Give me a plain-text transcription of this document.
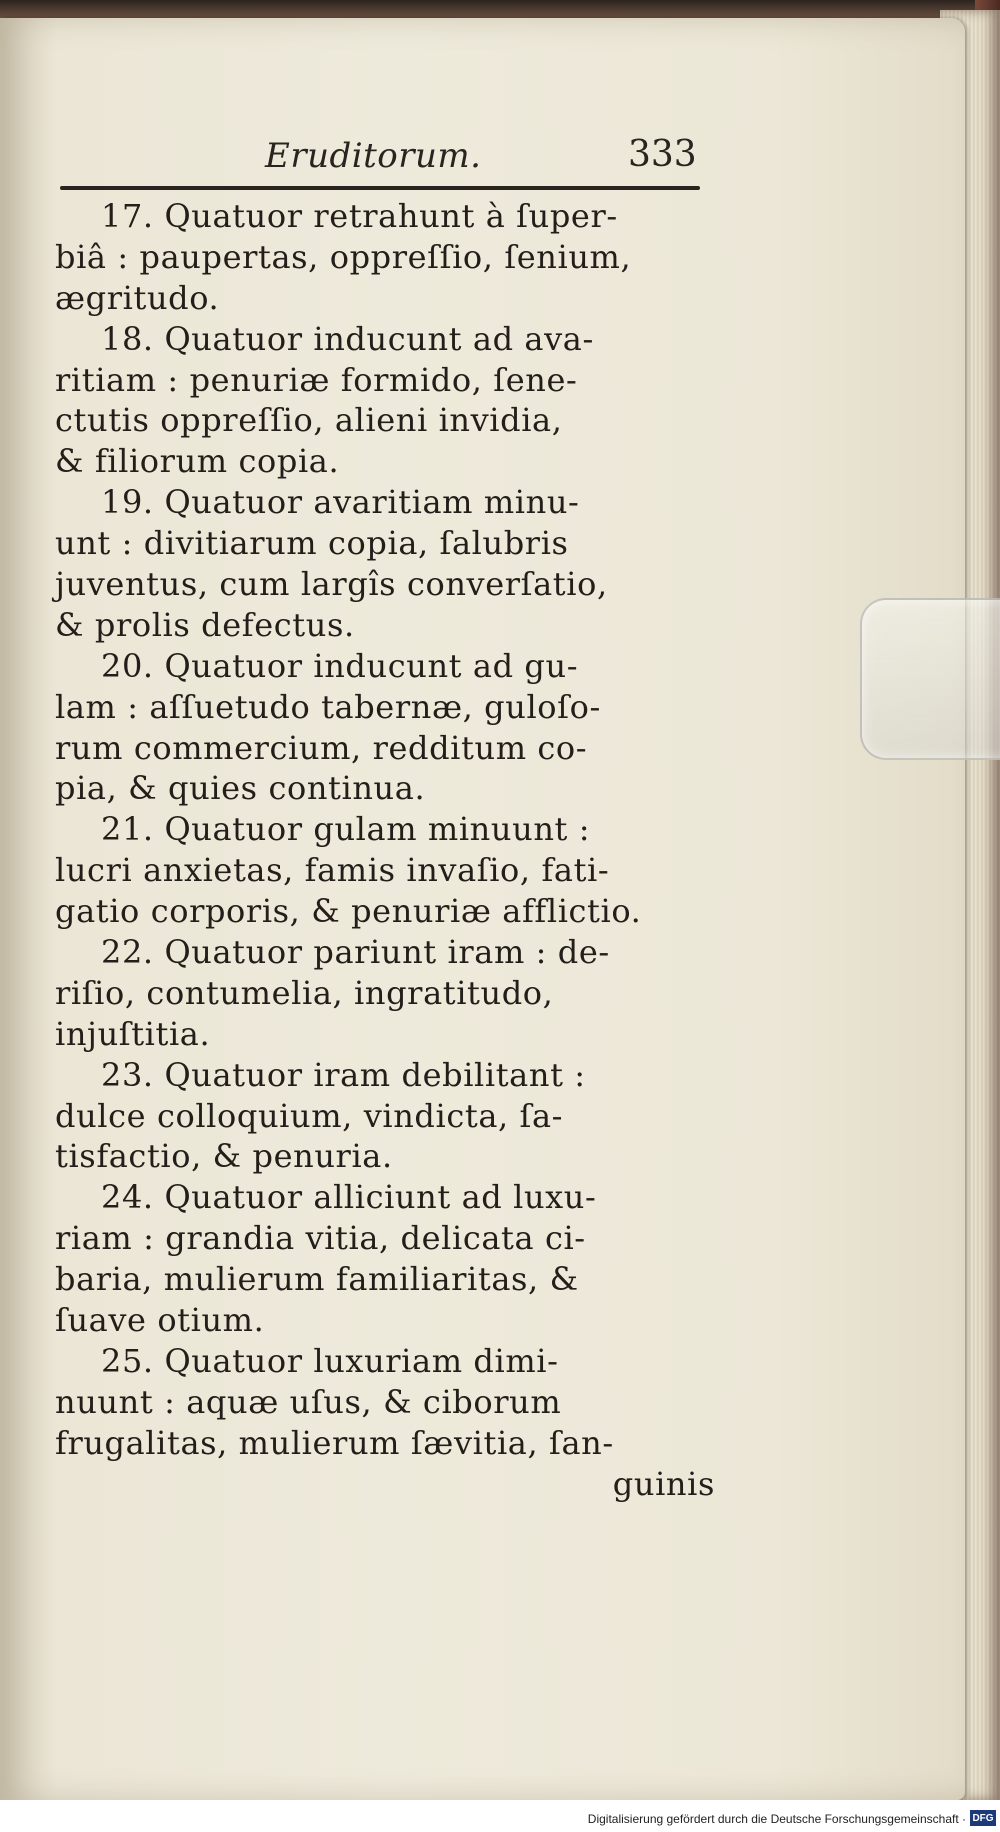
Eruditorum.	333
17. Quatuor retrahunt à ſuper-
biâ : paupertas, oppreſſio, ſenium,
ægritudo.
18. Quatuor inducunt ad ava-
ritiam : penuriæ formido, ſene-
ctutis oppreſſio, alieni invidia,
& filiorum copia.
19. Quatuor avaritiam minu-
unt : divitiarum copia, ſalubris
juventus, cum largîs converſatio,
& prolis defectus.
20. Quatuor inducunt ad gu-
lam : aſſuetudo tabernæ, guloſo-
rum commercium, redditum co-
pia, & quies continua.
21. Quatuor gulam minuunt :
lucri anxietas, famis invaſio, fati-
gatio corporis, & penuriæ afflictio.
22. Quatuor pariunt iram : de-
riſio, contumelia, ingratitudo,
injuſtitia.
23. Quatuor iram debilitant :
dulce colloquium, vindicta, ſa-
tisfactio, & penuria.
24. Quatuor alliciunt ad luxu-
riam : grandia vitia, delicata ci-
baria, mulierum familiaritas, &
ſuave otium.
25. Quatuor luxuriam dimi-
nuunt : aquæ uſus, & ciborum
frugalitas, mulierum ſævitia, ſan-
guinis
Digitalisierung gefördert durch die Deutsche Forschungsgemeinschaft · DFG
